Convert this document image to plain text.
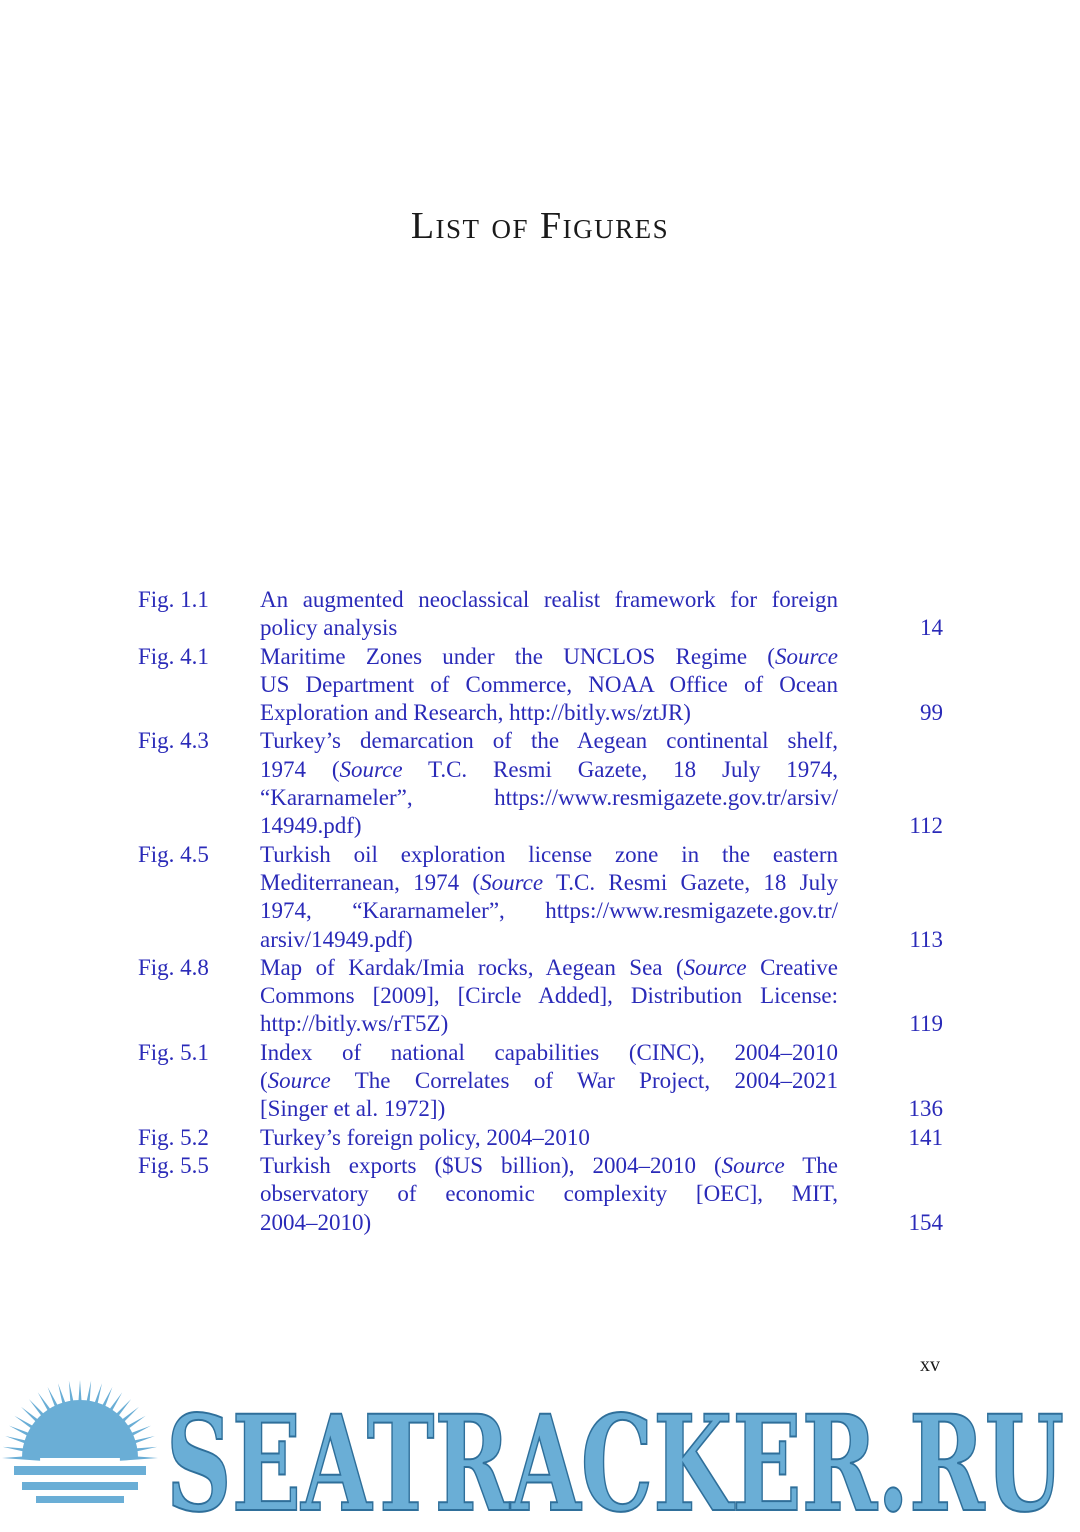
List of Figures
Fig. 1.1	An augmented neoclassical realist framework for foreign
policy analysis	14
Fig. 4.1	Maritime Zones under the UNCLOS Regime (Source
US Department of Commerce, NOAA Office of Ocean
Exploration and Research, http://bitly.ws/ztJR)	99
Fig. 4.3	Turkey’s demarcation of the Aegean continental shelf,
1974 (Source T.C. Resmi Gazete, 18 July 1974,
“Kararnameler”, https://www.resmigazete.gov.tr/arsiv/
14949.pdf)	112
Fig. 4.5	Turkish oil exploration license zone in the eastern
Mediterranean, 1974 (Source T.C. Resmi Gazete, 18 July
1974, “Kararnameler”, https://www.resmigazete.gov.tr/
arsiv/14949.pdf)	113
Fig. 4.8	Map of Kardak/Imia rocks, Aegean Sea (Source Creative
Commons [2009], [Circle Added], Distribution License:
http://bitly.ws/rT5Z)	119
Fig. 5.1	Index of national capabilities (CINC), 2004–2010
(Source The Correlates of War Project, 2004–2021
[Singer et al. 1972])	136
Fig. 5.2	Turkey’s foreign policy, 2004–2010	141
Fig. 5.5	Turkish exports ($US billion), 2004–2010 (Source The
observatory of economic complexity [OEC], MIT,
2004–2010)	154
xv
SEATRACKER.RU
